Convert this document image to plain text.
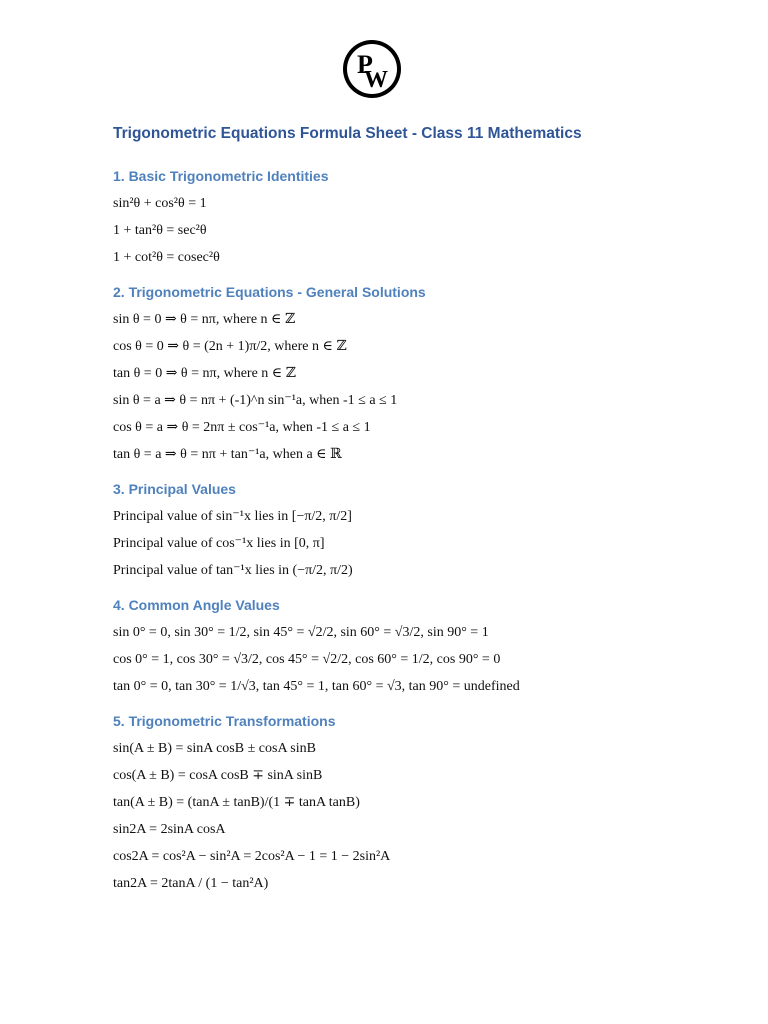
P
W
Trigonometric Equations Formula Sheet - Class 11 Mathematics
1. Basic Trigonometric Identities
sin²θ + cos²θ = 1
1 + tan²θ = sec²θ
1 + cot²θ = cosec²θ
2. Trigonometric Equations - General Solutions
sin θ = 0 ⇒ θ = nπ, where n ∈ ℤ
cos θ = 0 ⇒ θ = (2n + 1)π/2, where n ∈ ℤ
tan θ = 0 ⇒ θ = nπ, where n ∈ ℤ
sin θ = a ⇒ θ = nπ + (-1)^n sin⁻¹a, when -1 ≤ a ≤ 1
cos θ = a ⇒ θ = 2nπ ± cos⁻¹a, when -1 ≤ a ≤ 1
tan θ = a ⇒ θ = nπ + tan⁻¹a, when a ∈ ℝ
3. Principal Values
Principal value of sin⁻¹x lies in [−π/2, π/2]
Principal value of cos⁻¹x lies in [0, π]
Principal value of tan⁻¹x lies in (−π/2, π/2)
4. Common Angle Values
sin 0° = 0, sin 30° = 1/2, sin 45° = √2/2, sin 60° = √3/2, sin 90° = 1
cos 0° = 1, cos 30° = √3/2, cos 45° = √2/2, cos 60° = 1/2, cos 90° = 0
tan 0° = 0, tan 30° = 1/√3, tan 45° = 1, tan 60° = √3, tan 90° = undefined
5. Trigonometric Transformations
sin(A ± B) = sinA cosB ± cosA sinB
cos(A ± B) = cosA cosB ∓ sinA sinB
tan(A ± B) = (tanA ± tanB)/(1 ∓ tanA tanB)
sin2A = 2sinA cosA
cos2A = cos²A − sin²A = 2cos²A − 1 = 1 − 2sin²A
tan2A = 2tanA / (1 − tan²A)
